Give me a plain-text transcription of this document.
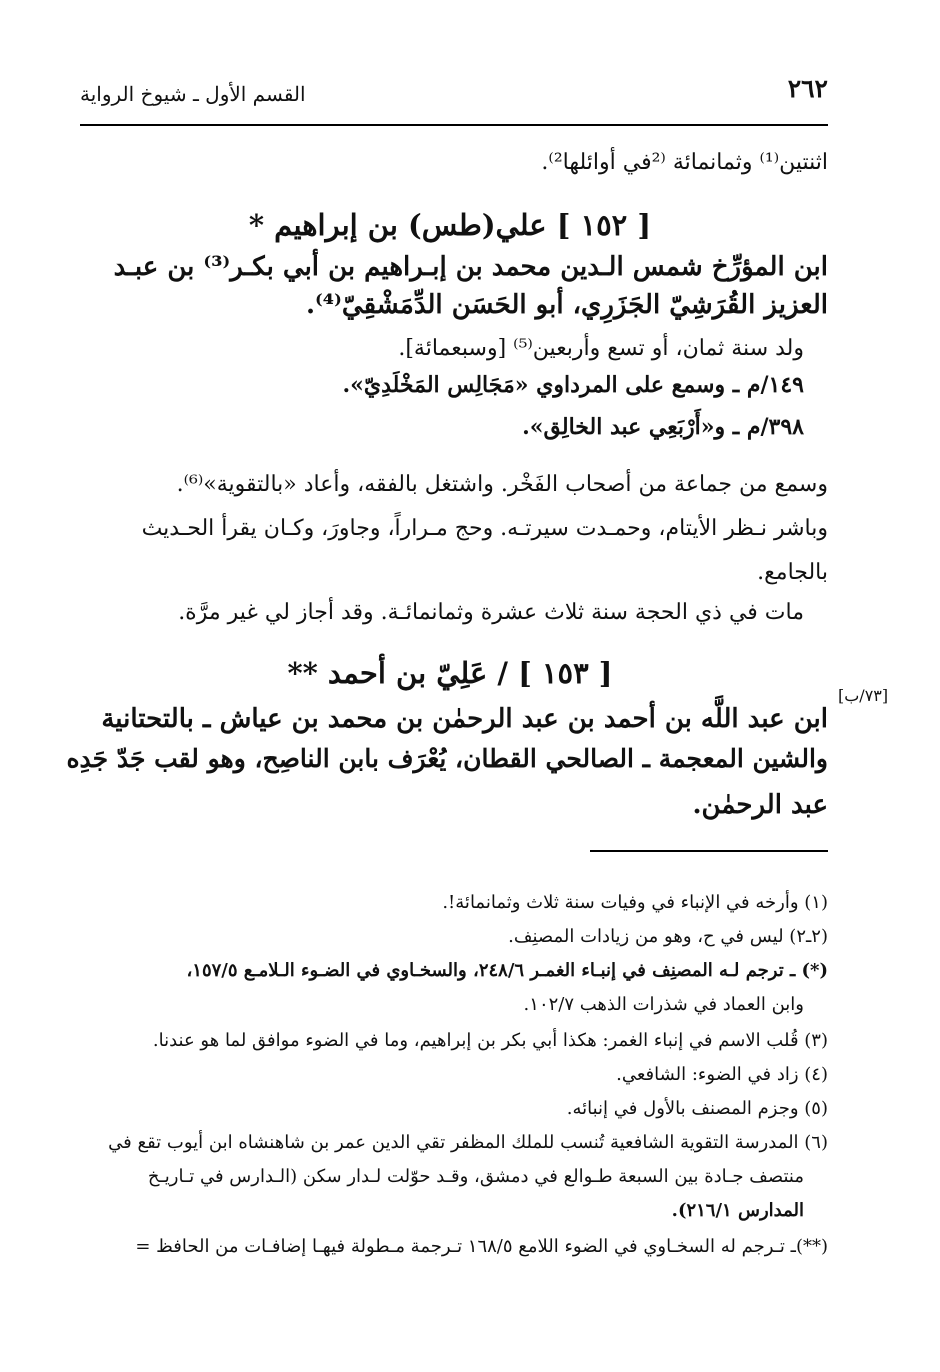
٢٦٢
القسم الأول ـ شيوخ الرواية
اثنتين⁽¹⁾ وثمانمائة ⁽²في أوائلها²⁾.
[ ١٥٢ ] علي(طس) بن إبراهيم *
ابن المؤرِّخ شمس الـدين محمد بن إبـراهيم بن أبي بكـر⁽³⁾ بن عبـد
العزيز القُرَشِيّ الجَزَرِي، أبو الحَسَن الدِّمَشْقِيّ⁽⁴⁾.
ولد سنة ثمان، أو تسع وأربعين⁽⁵⁾ [وسبعمائة].
١٤٩/م ـ وسمع على المرداوي «مَجَالِس المَخْلَدِيّ».
٣٩٨/م ـ و«أَرْبَعِي عبد الخالِق».
وسمع من جماعة من أصحاب الفَخْر. واشتغل بالفقه، وأعاد «بالتقوية»⁽⁶⁾.
وباشر نـظر الأيتام، وحمـدت سيرتـه. وحج مـراراً، وجاورَ، وكـان يقرأ الحـديث
بالجامع.
مات في ذي الحجة سنة ثلاث عشرة وثمانمائـة. وقد أجاز لي غير مرَّة.
[ ١٥٣ ] / عَلِيّ بن أحمد **
[٧٣/ب]
ابن عبد اللَّه بن أحمد بن عبد الرحمٰن بن محمد بن عياش ـ بالتحتانية
والشين المعجمة ـ الصالحي القطان، يُعْرَف بابن الناصِح، وهو لقب جَدّ جَدِه
عبد الرحمٰن.
(١) وأرخه في الإنباء في وفيات سنة ثلاث وثمانمائة!.
(٢ـ٢) ليس في ح، وهو من زيادات المصنِف.
(*) ـ ترجم لـه المصنِف في إنبـاء الغمـر ٢٤٨/٦، والسخـاوي في الضـوء الـلامـع ١٥٧/٥،
وابن العماد في شذرات الذهب ١٠٢/٧.
(٣) قُلب الاسم في إنباء الغمر: هكذا أبي بكر بن إبراهيم، وما في الضوء موافق لما هو عندنا.
(٤) زاد في الضوء: الشافعي.
(٥) وجزم المصنف بالأول في إنبائه.
(٦) المدرسة التقوية الشافعية تُنسب للملك المظفر تقي الدين عمر بن شاهنشاه ابن أيوب تقع في
منتصف جـادة بين السبعة طـوالع في دمشق، وقـد حوّلت لـدار سكن (الـدارس في تـاريـخ
المدارس ٢١٦/١).
(**)ـ تـرجم له السخـاوي في الضوء اللامع ١٦٨/٥ تـرجمة مـطولة فيهـا إضافـات من الحافظ =
